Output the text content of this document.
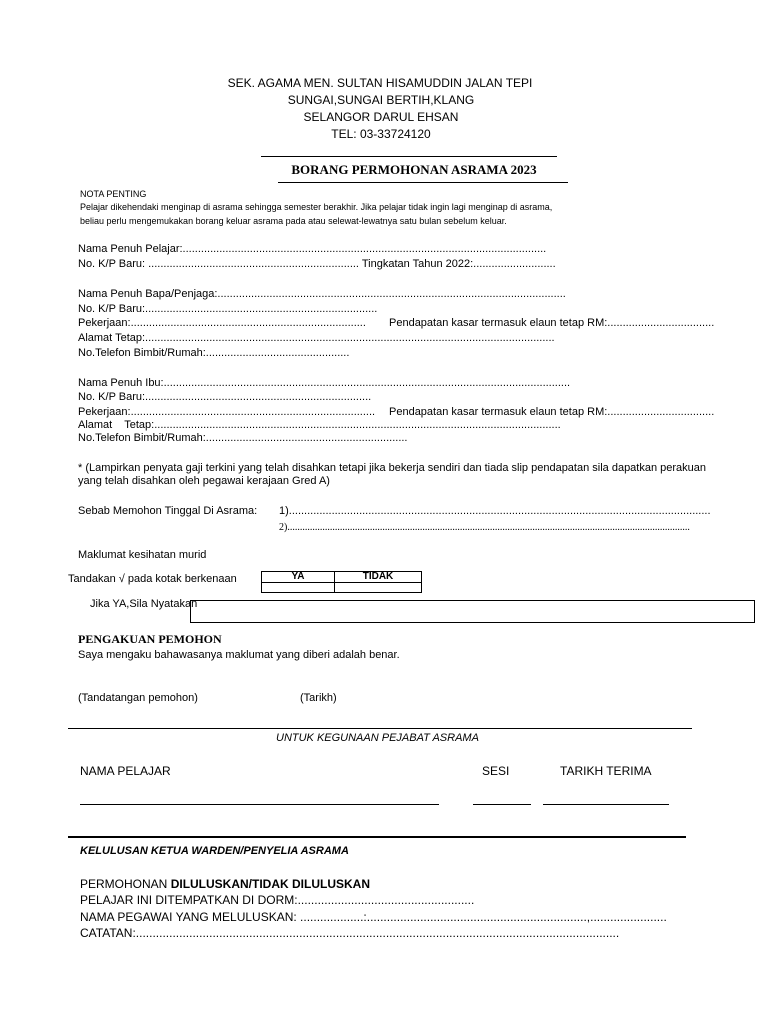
SEK. AGAMA MEN. SULTAN HISAMUDDIN JALAN TEPI
SUNGAI,SUNGAI BERTIH,KLANG
SELANGOR DARUL EHSAN
TEL: 03-33724120
BORANG PERMOHONAN ASRAMA 2023
NOTA PENTING
Pelajar dikehendaki menginap di asrama sehingga semester berakhir. Jika pelajar tidak ingin lagi menginap di asrama,
beliau perlu mengemukakan borang keluar asrama pada atau selewat-lewatnya satu bulan sebelum keluar.
Nama Penuh Pelajar:.......................................................................................................................
No. K/P Baru: ..................................................................... Tingkatan Tahun 2022:...........................
Nama Penuh Bapa/Penjaga:..................................................................................................................
No. K/P Baru:............................................................................
Pekerjaan:............................................................................. Pendapatan kasar termasuk elaun tetap RM:...................................
Alamat Tetap:......................................................................................................................................
No.Telefon Bimbit/Rumah:...............................................
Nama Penuh Ibu:.....................................................................................................................................
No. K/P Baru:..........................................................................
Pekerjaan:................................................................................ Pendapatan kasar termasuk elaun tetap RM:...................................
Alamat    Tetap:.....................................................................................................................................
No.Telefon Bimbit/Rumah:..................................................................
* (Lampirkan penyata gaji terkini yang telah disahkan tetapi jika bekerja sendiri dan tiada slip pendapatan sila dapatkan perakuan
yang telah disahkan oleh pegawai kerajaan Gred A)
Sebab Memohon Tinggal Di Asrama: 1)..........................................................................................................................................
2).................................................................................................................................................................
Maklumat kesihatan murid
Tandakan √ pada kotak berkenaan	YA	TIDAK

Jika YA,Sila Nyatakan
PENGAKUAN PEMOHON
Saya mengaku bahawasanya maklumat yang diberi adalah benar.
(Tandatangan pemohon)	(Tarikh)
UNTUK KEGUNAAN PEJABAT ASRAMA
NAMA PELAJAR	SESI	TARIKH TERIMA
KELULUSAN KETUA WARDEN/PENYELIA ASRAMA
PERMOHONAN DILULUSKAN/TIDAK DILULUSKAN
PELAJAR INI DITEMPATKAN DI DORM:.....................................................
NAMA PEGAWAI YANG MELULUSKAN: ...................:..................................................................,.......................
CATATAN:.................................................................................................................................................
